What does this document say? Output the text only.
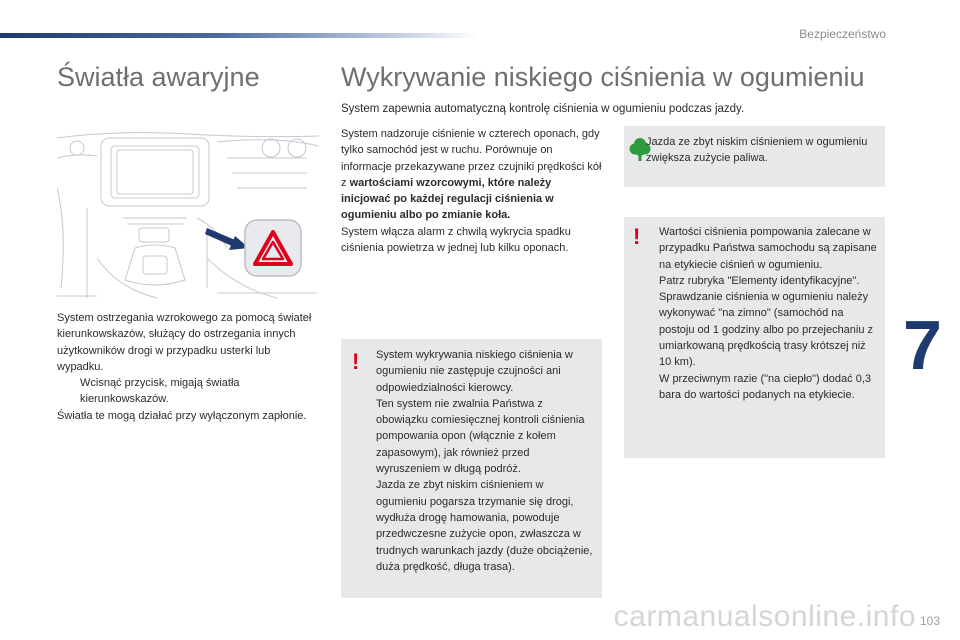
Bezpieczeństwo
Światła awaryjne	Wykrywanie niskiego ciśnienia w ogumieniu

System zapewnia automatyczną kontrolę ciśnienia w ogumieniu podczas jazdy.

System ostrzegania wzrokowego za pomocą świateł kierunkowskazów, służący do ostrzegania innych użytkowników drogi w przypadku usterki lub wypadku.

Wcisnąć przycisk, migają światła kierunkowskazów.

Światła te mogą działać przy wyłączonym zapłonie.

System nadzoruje ciśnienie w czterech oponach, gdy tylko samochód jest w ruchu. Porównuje on informacje przekazywane przez czujniki prędkości kół z wartościami wzorcowymi, które należy inicjować po każdej regulacji ciśnienia w ogumieniu albo po zmianie koła.

System włącza alarm z chwilą wykrycia spadku ciśnienia powietrza w jednej lub kilku oponach.

Jazda ze zbyt niskim ciśnieniem w ogumieniu zwiększa zużycie paliwa.

! System wykrywania niskiego ciśnienia w ogumieniu nie zastępuje czujności ani odpowiedzialności kierowcy.

Ten system nie zwalnia Państwa z obowiązku comiesięcznej kontroli ciśnienia pompowania opon (włącznie z kołem zapasowym), jak również przed wyruszeniem w długą podróż.

Jazda ze zbyt niskim ciśnieniem w ogumieniu pogarsza trzymanie się drogi, wydłuża drogę hamowania, powoduje przedwczesne zużycie opon, zwłaszcza w trudnych warunkach jazdy (duże obciążenie, duża prędkość, długa trasa).

! Wartości ciśnienia pompowania zalecane w przypadku Państwa samochodu są zapisane na etykiecie ciśnień w ogumieniu.

Patrz rubryka "Elementy identyfikacyjne".

Sprawdzanie ciśnienia w ogumieniu należy wykonywać "na zimno" (samochód na postoju od 1 godziny albo po przejechaniu z umiarkowaną prędkością trasy krótszej niż 10 km).

W przeciwnym razie ("na ciepło") dodać 0,3 bara do wartości podanych na etykiecie.

7
carmanualsonline.info 103
